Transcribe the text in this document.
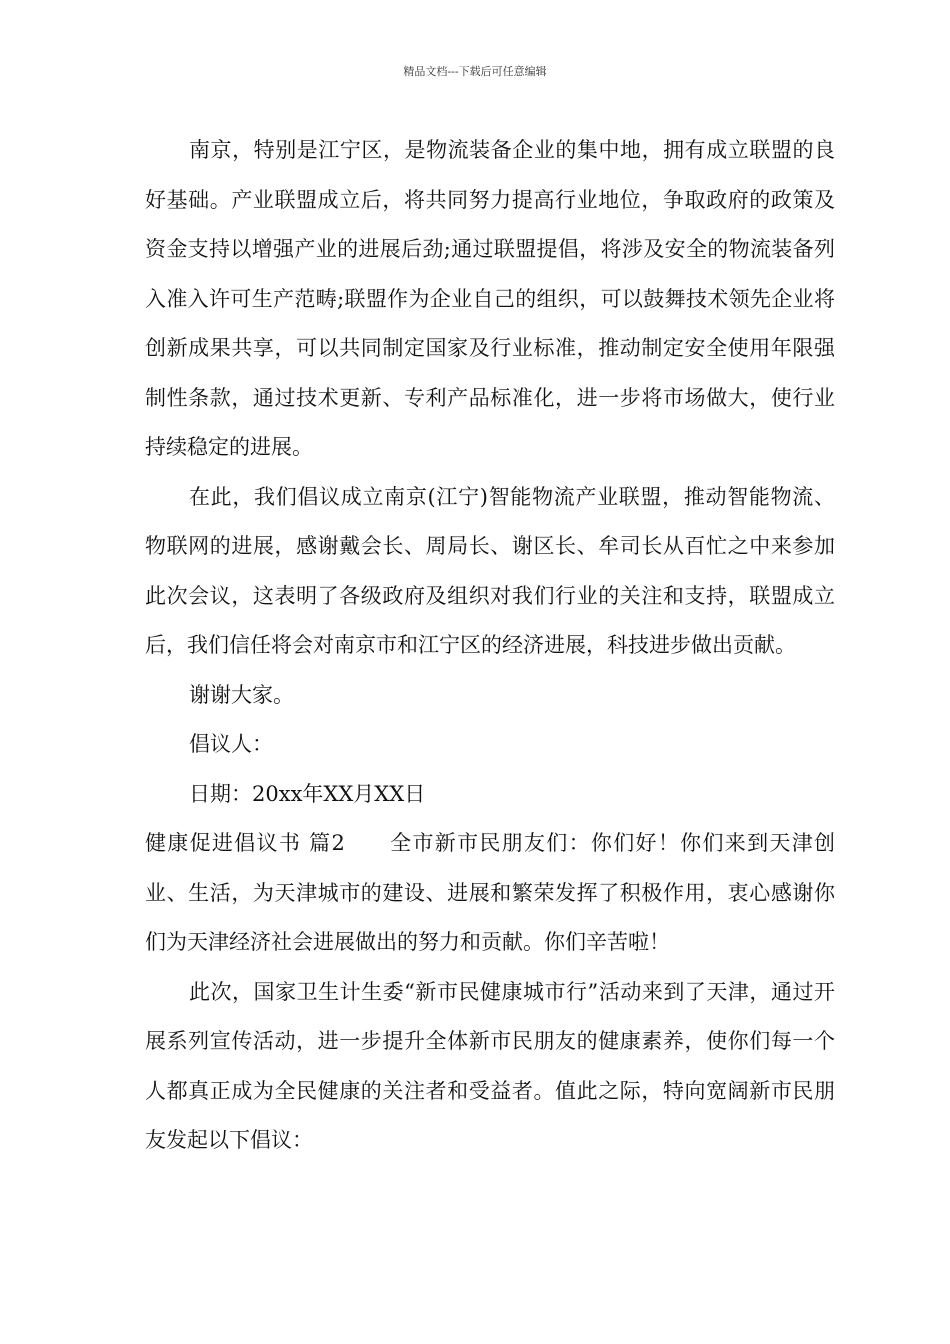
精品文档---下载后可任意编辑

南京，特别是江宁区，是物流装备企业的集中地，拥有成立联盟的良好基础。产业联盟成立后，将共同努力提高行业地位，争取政府的政策及资金支持以增强产业的进展后劲;通过联盟提倡，将涉及安全的物流装备列入准入许可生产范畴;联盟作为企业自己的组织，可以鼓舞技术领先企业将创新成果共享，可以共同制定国家及行业标准，推动制定安全使用年限强制性条款，通过技术更新、专利产品标准化，进一步将市场做大，使行业持续稳定的进展。

在此，我们倡议成立南京(江宁)智能物流产业联盟，推动智能物流、物联网的进展，感谢戴会长、周局长、谢区长、牟司长从百忙之中来参加此次会议，这表明了各级政府及组织对我们行业的关注和支持，联盟成立后，我们信任将会对南京市和江宁区的经济进展，科技进步做出贡献。

谢谢大家。

倡议人：

日期：20xx年XX月XX日

健康促进倡议书 篇2 全市新市民朋友们：你们好！你们来到天津创业、生活，为天津城市的建设、进展和繁荣发挥了积极作用，衷心感谢你们为天津经济社会进展做出的努力和贡献。你们辛苦啦！

此次，国家卫生计生委“新市民健康城市行”活动来到了天津，通过开展系列宣传活动，进一步提升全体新市民朋友的健康素养，使你们每一个人都真正成为全民健康的关注者和受益者。值此之际，特向宽阔新市民朋友发起以下倡议：
